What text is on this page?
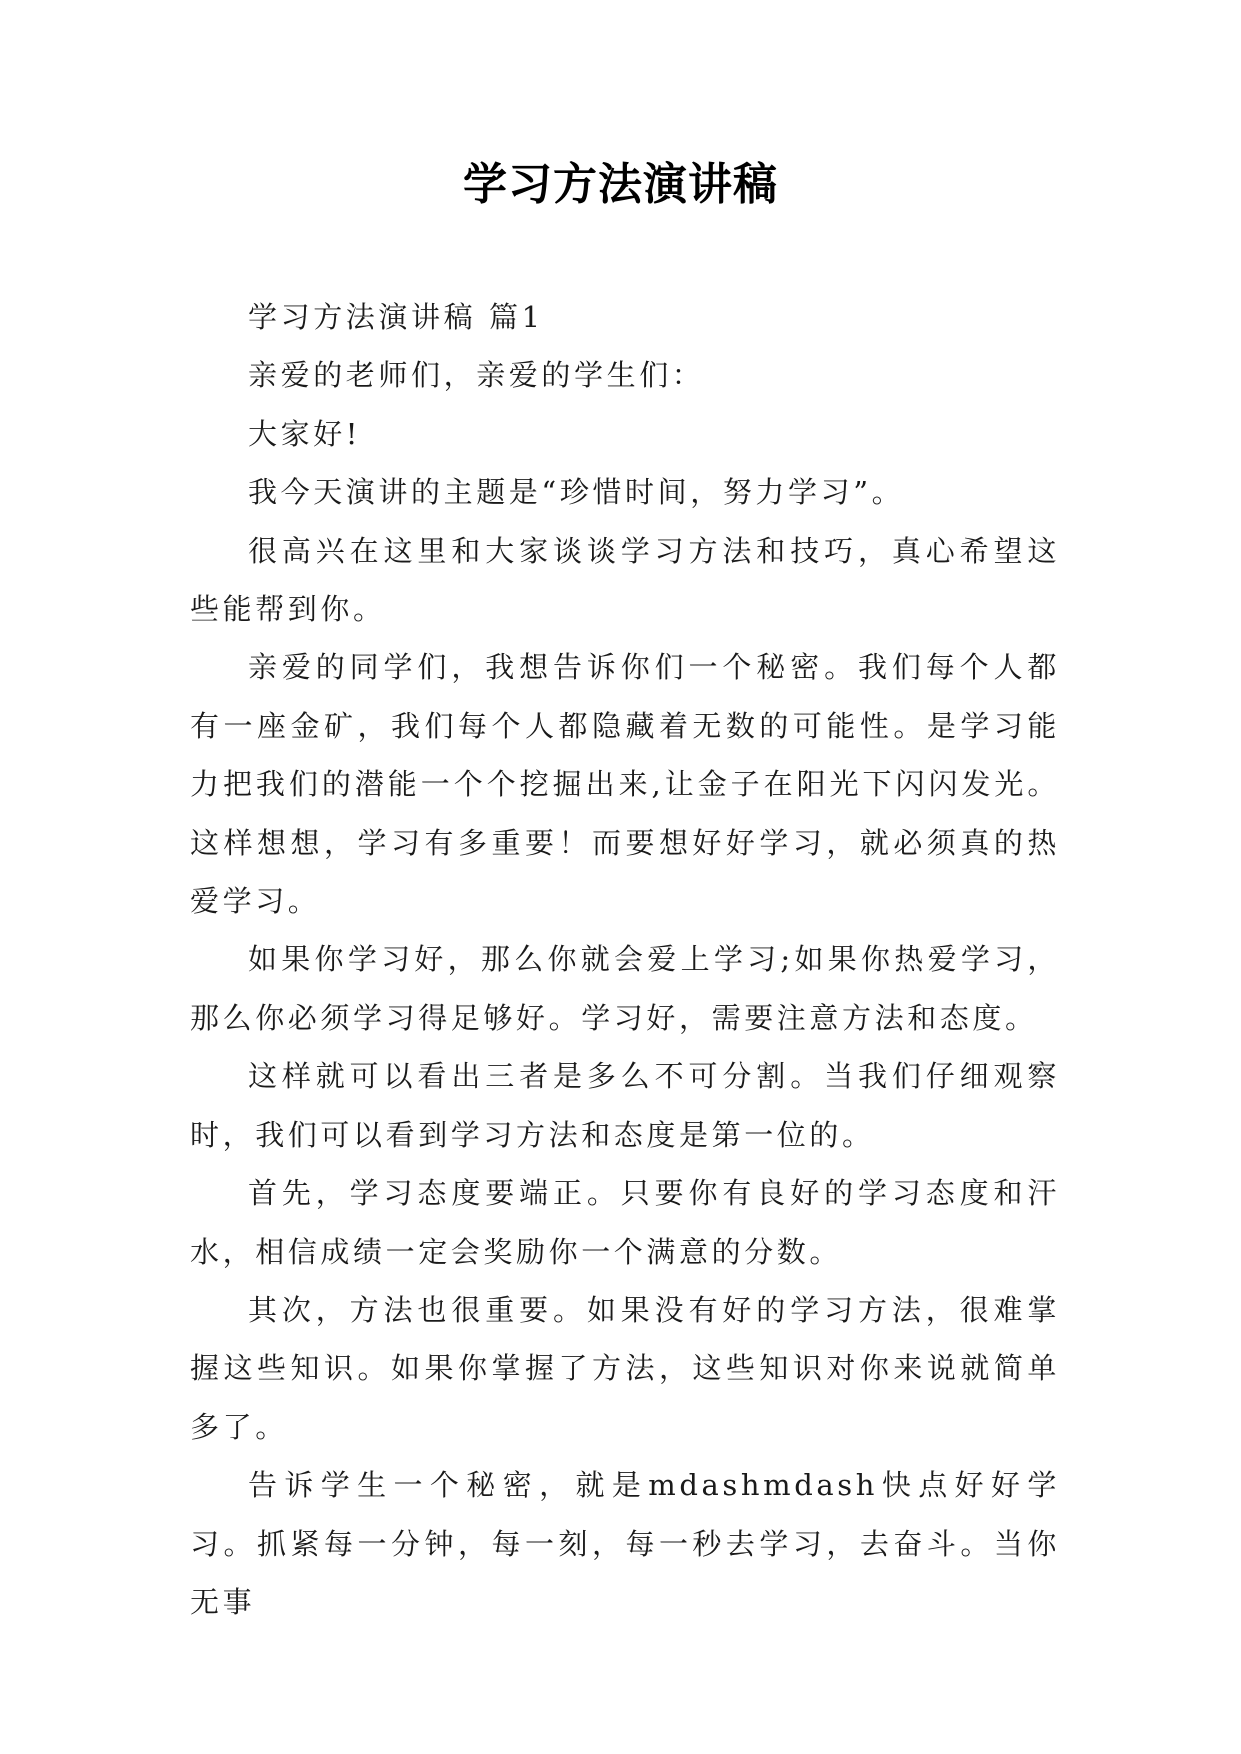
学习方法演讲稿

学习方法演讲稿 篇1

亲爱的老师们，亲爱的学生们：

大家好!

我今天演讲的主题是“珍惜时间，努力学习”。

很高兴在这里和大家谈谈学习方法和技巧，真心希望这些能帮到你。

亲爱的同学们，我想告诉你们一个秘密。我们每个人都有一座金矿，我们每个人都隐藏着无数的可能性。是学习能力把我们的潜能一个个挖掘出来,让金子在阳光下闪闪发光。这样想想，学习有多重要！而要想好好学习，就必须真的热爱学习。

如果你学习好，那么你就会爱上学习;如果你热爱学习，那么你必须学习得足够好。学习好，需要注意方法和态度。

这样就可以看出三者是多么不可分割。当我们仔细观察时，我们可以看到学习方法和态度是第一位的。

首先，学习态度要端正。只要你有良好的学习态度和汗水，相信成绩一定会奖励你一个满意的分数。

其次，方法也很重要。如果没有好的学习方法，很难掌握这些知识。如果你掌握了方法，这些知识对你来说就简单多了。

告诉学生一个秘密，就是mdashmdash快点好好学习。抓紧每一分钟，每一刻，每一秒去学习，去奋斗。当你无事
